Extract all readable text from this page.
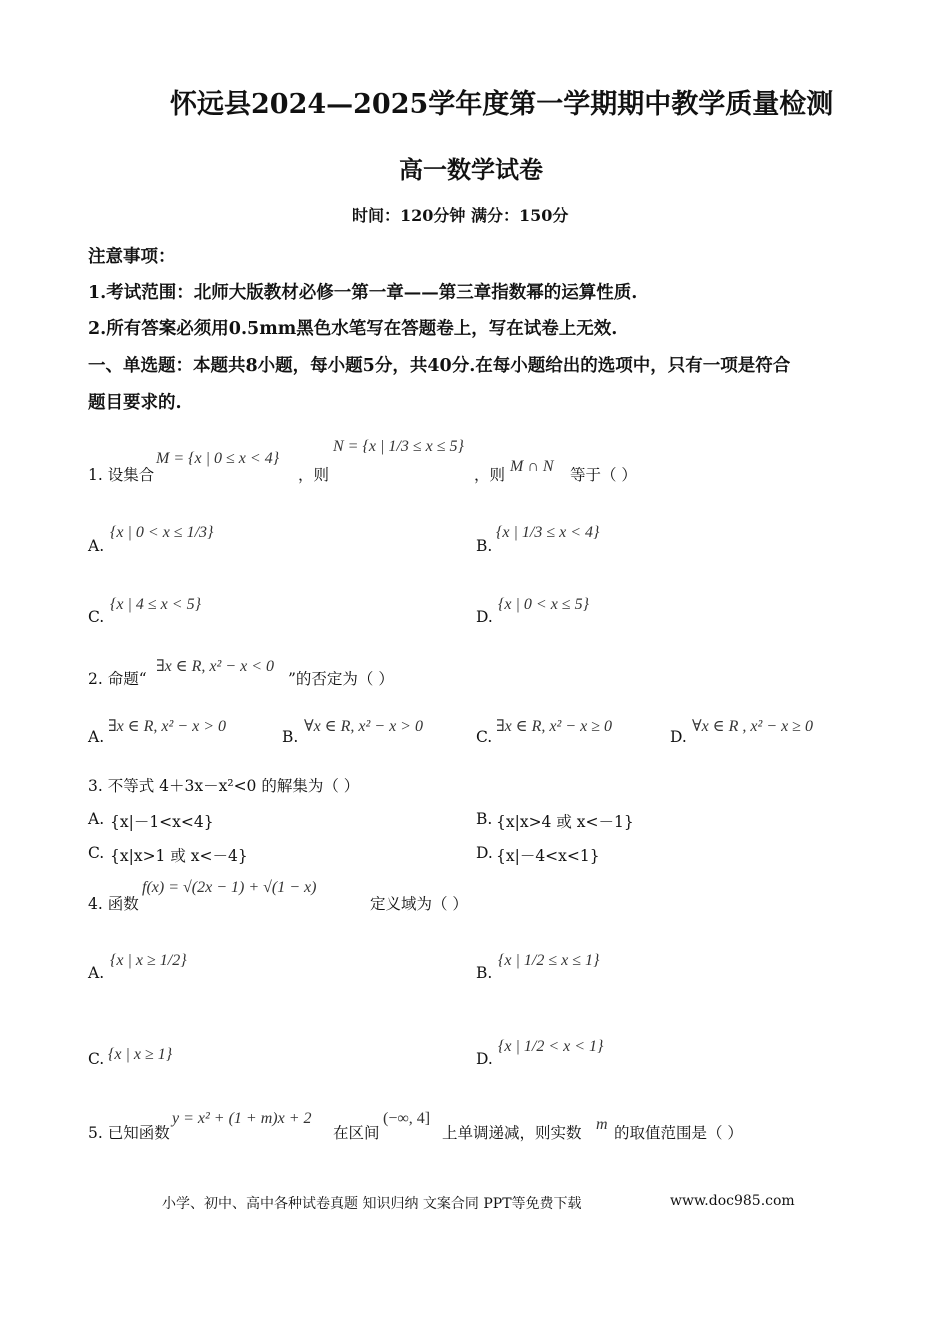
怀远县2024—2025学年度第一学期期中教学质量检测
高一数学试卷
时间：120分钟 满分：150分
注意事项：
1.考试范围：北师大版教材必修一第一章——第三章指数幂的运算性质.
2.所有答案必须用0.5mm黑色水笔写在答题卷上，写在试卷上无效.
一、单选题：本题共8小题，每小题5分，共40分.在每小题给出的选项中，只有一项是符合
题目要求的.
1. 设集合
M = {x | 0 ≤ x < 4}
，则
N = {x | 1/3 ≤ x ≤ 5}
，则 M ∩ N 等于（ ）
A.
{x | 0 < x ≤ 1/3}
B.
{x | 1/3 ≤ x < 4}
C.
{x | 4 ≤ x < 5}
D.
{x | 0 < x ≤ 5}
2. 命题“
∃x ∈ R, x² − x < 0
”的否定为（ ）
A.
∃x ∈ R, x² − x > 0
B.
∀x ∈ R, x² − x > 0
C.
∃x ∈ R, x² − x ≥ 0
D.
∀x ∈ R , x² − x ≥ 0
3. 不等式 4＋3x－x²<0 的解集为（ ）
A. {x|－1<x<4}	B. {x|x>4 或 x<－1}
C. {x|x>1 或 x<－4}	D. {x|－4<x<1}
4. 函数
f(x) = √(2x − 1) + √(1 − x)
定义域为（ ）
A.
{x | x ≥ 1/2}
B.
{x | 1/2 ≤ x ≤ 1}
C. {x | x ≥ 1}	D.
{x | 1/2 < x < 1}
5. 已知函数
y = x² + (1 + m)x + 2
在区间
(−∞, 4]
上单调递减，则实数 m 的取值范围是（ ）
小学、初中、高中各种试卷真题 知识归纳 文案合同 PPT等免费下载	www.doc985.com
